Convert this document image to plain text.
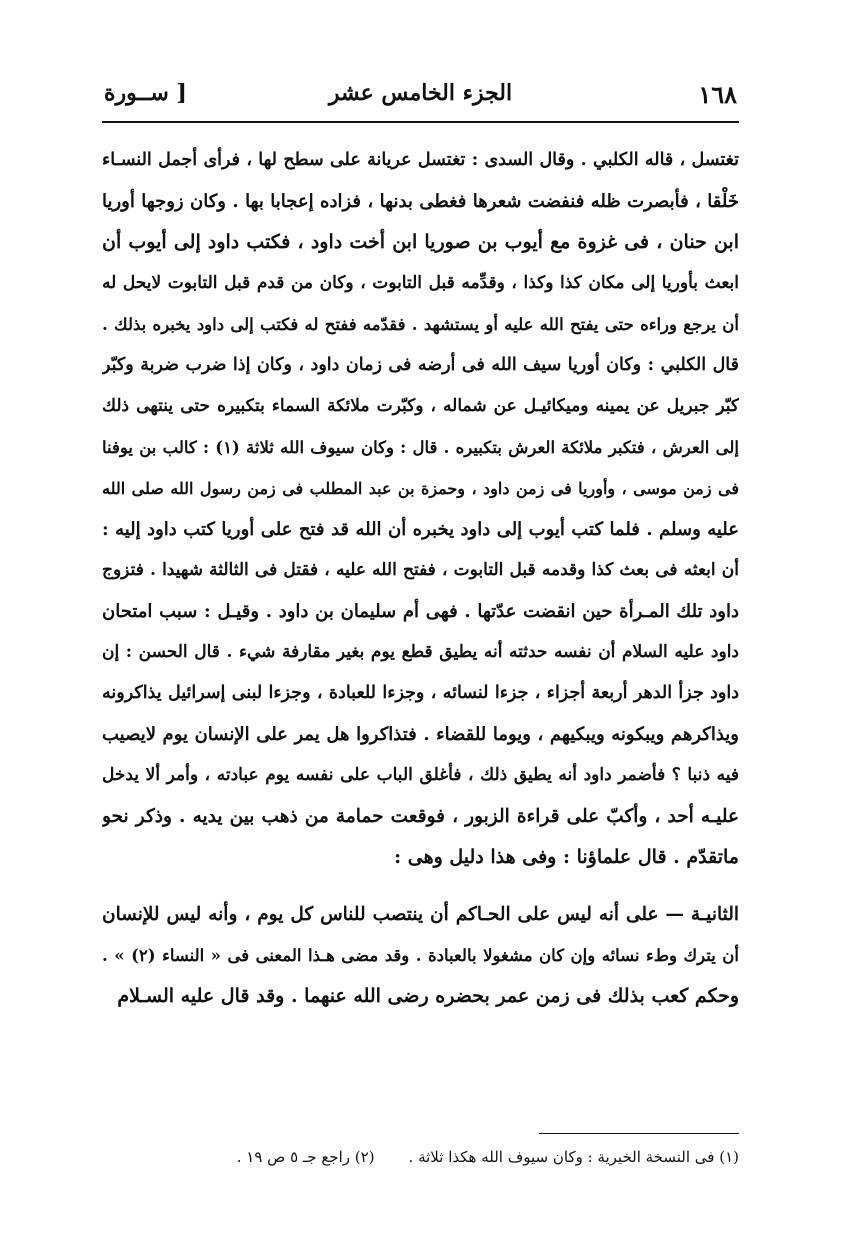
١٦٨
الجزء الخامس عشر
[ ســورة
تغتسل ، قاله الكلبي . وقال السدى : تغتسل عريانة على سطح لها ، فرأى أجمل النسـاء
خَلْقا ، فأبصرت ظله فنفضت شعرها فغطى بدنها ، فزاده إعجابا بها . وكان زوجها أوريا
ابن حنان ، فى غزوة مع أيوب بن صوريا ابن أخت داود ، فكتب داود إلى أيوب أن
ابعث بأوريا إلى مكان كذا وكذا ، وقدِّمه قبل التابوت ، وكان من قدم قبل التابوت لايحل له
أن يرجع وراءه حتى يفتح الله عليه أو يستشهد . فقدّمه ففتح له فكتب إلى داود يخبره بذلك .
قال الكلبي : وكان أوريا سيف الله فى أرضه فى زمان داود ، وكان إذا ضرب ضربة وكبّر
كبّر جبريل عن يمينه وميكائيـل عن شماله ، وكبّرت ملائكة السماء بتكبيره حتى ينتهى ذلك
إلى العرش ، فتكبر ملائكة العرش بتكبيره . قال : وكان سيوف الله ثلاثة (١) : كالب بن يوفنا
فى زمن موسى ، وأوريا فى زمن داود ، وحمزة بن عبد المطلب فى زمن رسول الله صلى الله
عليه وسلم . فلما كتب أيوب إلى داود يخبره أن الله قد فتح على أوريا كتب داود إليه :
أن ابعثه فى بعث كذا وقدمه قبل التابوت ، ففتح الله عليه ، فقتل فى الثالثة شهيدا . فتزوج
داود تلك المـرأة حين انقضت عدّتها . فهى أم سليمان بن داود . وقيـل : سبب امتحان
داود عليه السلام أن نفسه حدثته أنه يطيق قطع يوم بغير مقارفة شيء . قال الحسن : إن
داود جزأ الدهر أربعة أجزاء ، جزءا لنسائه ، وجزءا للعبادة ، وجزءا لبنى إسرائيل يذاكرونه
ويذاكرهم ويبكونه ويبكيهم ، ويوما للقضاء . فتذاكروا هل يمر على الإنسان يوم لايصيب
فيه ذنبا ؟ فأضمر داود أنه يطيق ذلك ، فأغلق الباب على نفسه يوم عبادته ، وأمر ألا يدخل
عليـه أحد ، وأكبّ على قراءة الزبور ، فوقعت حمامة من ذهب بين يديه . وذكر نحو
ماتقدّم . قال علماؤنا : وفى هذا دليل وهى :
الثانيـة — على أنه ليس على الحـاكم أن ينتصب للناس كل يوم ، وأنه ليس للإنسان
أن يترك وطء نسائه وإن كان مشغولا بالعبادة . وقد مضى هـذا المعنى فى « النساء (٢) » .
وحكم كعب بذلك فى زمن عمر بحضره رضى الله عنهما . وقد قال عليه السـلام
(١) فى النسخة الخيرية : وكان سيوف الله هكذا ثلاثة .(٢) راجع جـ ٥ ص ١٩ .
